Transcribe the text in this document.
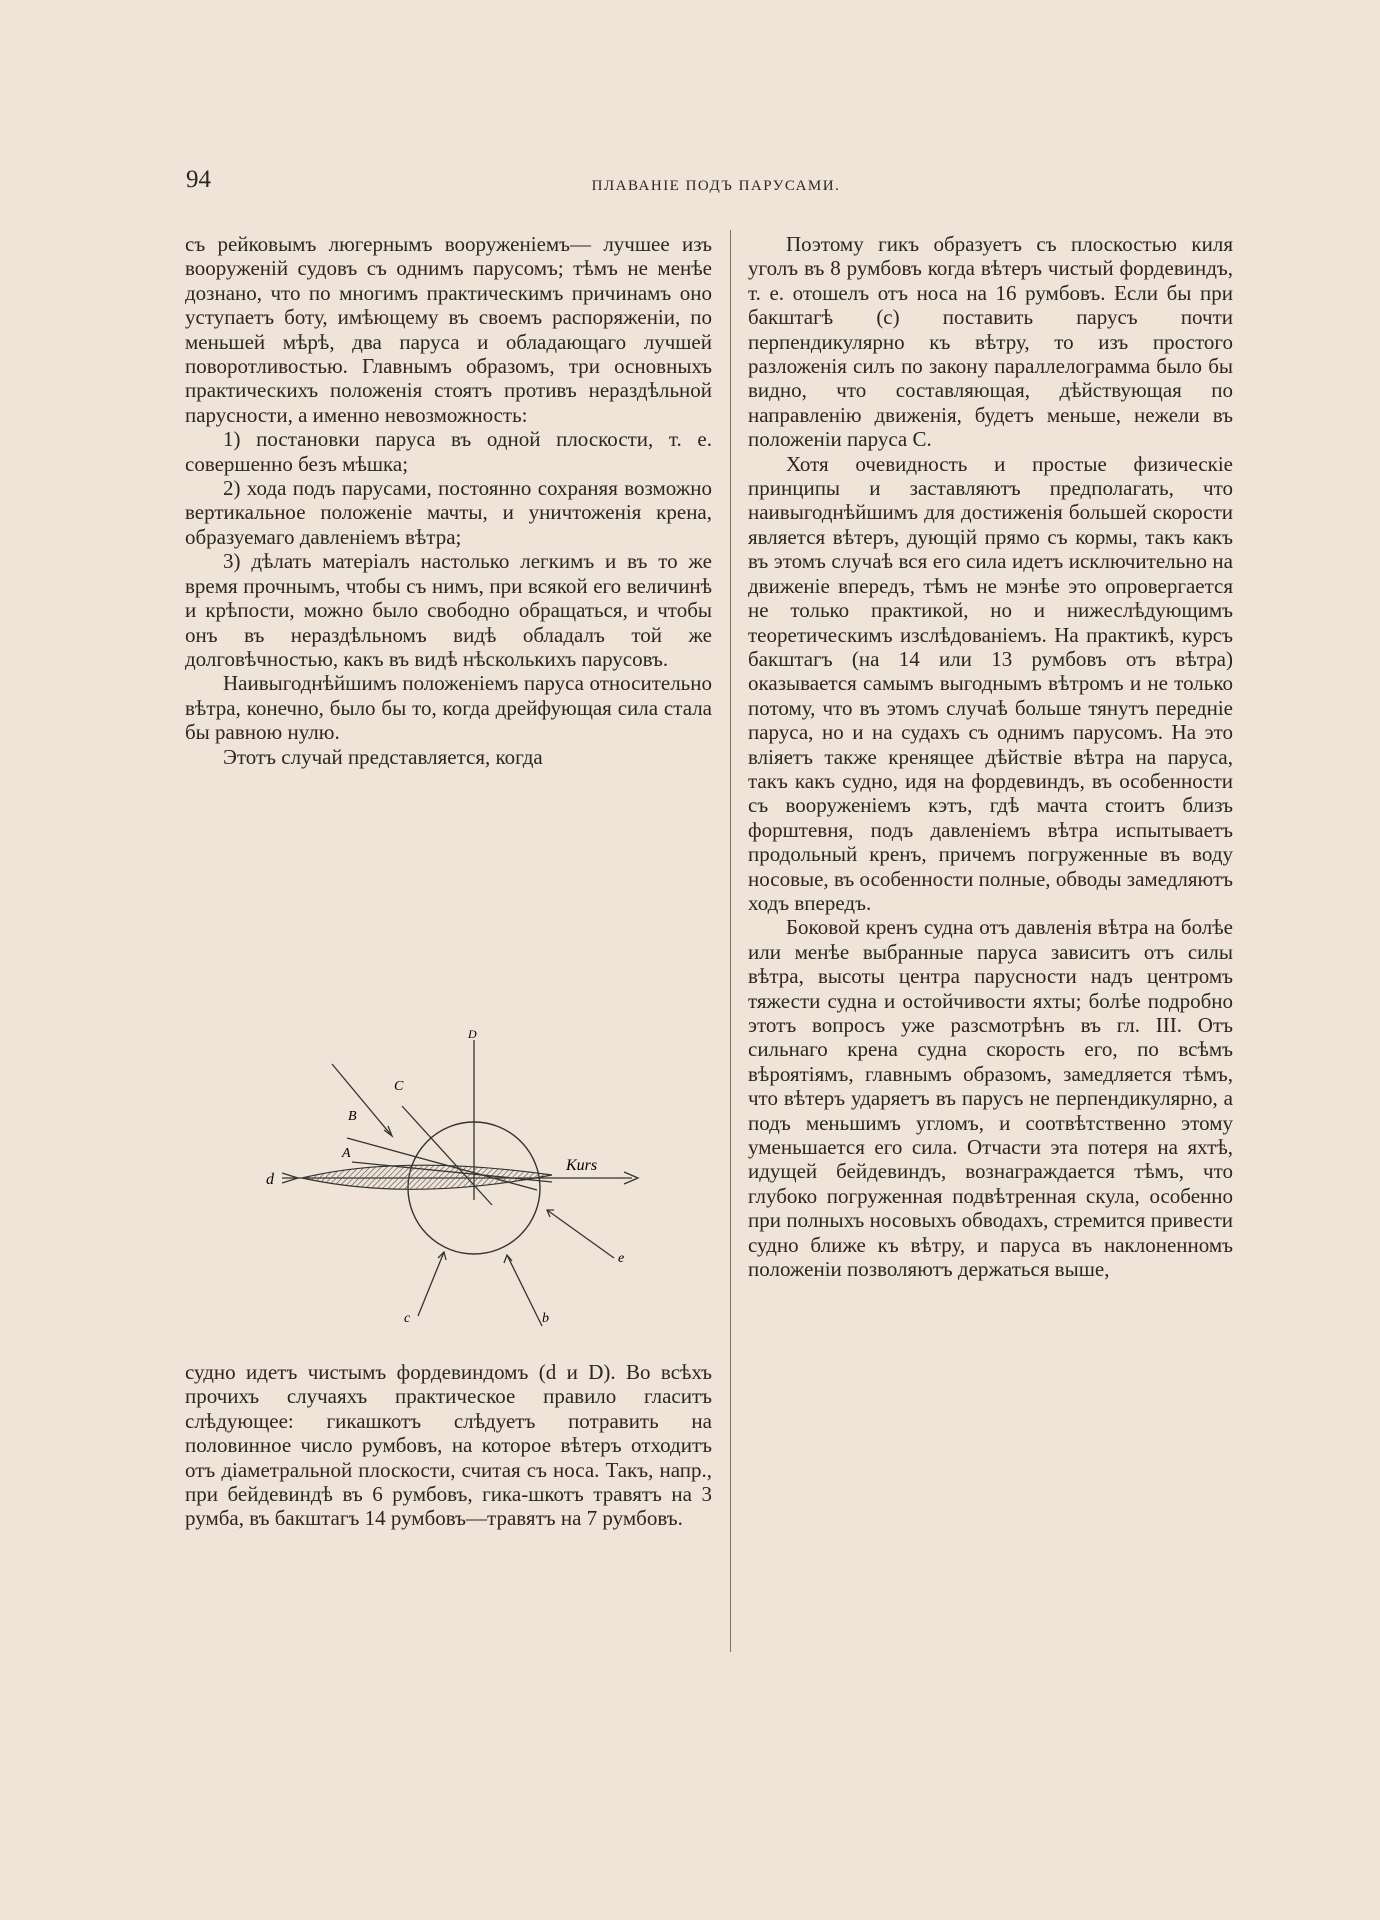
94	ПЛАВАНІЕ ПОДЪ ПАРУСАМИ.

съ рейковымъ люгернымъ вооруженіемъ— лучшее изъ вооруженій судовъ съ однимъ парусомъ; тѣмъ не менѣе дознано, что по многимъ практическимъ причинамъ оно уступаетъ боту, имѣющему въ своемъ распоряженіи, по меньшей мѣрѣ, два паруса и обладающаго лучшей поворотливостью. Главнымъ образомъ, три основныхъ практическихъ положенія стоятъ противъ нераздѣльной парусности, а именно невозможность:

1) постановки паруса въ одной плоскости, т. е. совершенно безъ мѣшка;

2) хода подъ парусами, постоянно сохраняя возможно вертикальное положеніе мачты, и уничтоженія крена, образуемаго давленіемъ вѣтра;

3) дѣлать матеріалъ настолько легкимъ и въ то же время прочнымъ, чтобы съ нимъ, при всякой его величинѣ и крѣпости, можно было свободно обращаться, и чтобы онъ въ нераздѣльномъ видѣ обладалъ той же долговѣчностью, какъ въ видѣ нѣсколькихъ парусовъ.

Наивыгоднѣйшимъ положеніемъ паруса относительно вѣтра, конечно, было бы то, когда дрейфующая сила стала бы равною нулю.

Этотъ случай представляется, когда

Kurs
A
B
C
d
e
c	b
D

судно идетъ чистымъ фордевиндомъ (d и D). Во всѣхъ прочихъ случаяхъ практическое правило гласитъ слѣдующее: гикашкотъ слѣдуетъ потравить на половинное число румбовъ, на которое вѣтеръ отходитъ отъ діаметральной плоскости, считая съ носа. Такъ, напр., при бейдевиндѣ въ 6 румбовъ, гика-шкотъ травятъ на 3 румба, въ бакштагъ 14 румбовъ—травятъ на 7 румбовъ.

Поэтому гикъ образуетъ съ плоскостью киля уголъ въ 8 румбовъ когда вѣтеръ чистый фордевиндъ, т. е. отошелъ отъ носа на 16 румбовъ. Если бы при бакштагѣ (с) поставить парусъ почти перпендикулярно къ вѣтру, то изъ простого разложенія силъ по закону параллелограмма было бы видно, что составляющая, дѣйствующая по направленію движенія, будетъ меньше, нежели въ положеніи паруса С.

Хотя очевидность и простые физическіе принципы и заставляютъ предполагать, что наивыгоднѣйшимъ для достиженія большей скорости является вѣтеръ, дующій прямо съ кормы, такъ какъ въ этомъ случаѣ вся его сила идетъ исключительно на движеніе впередъ, тѣмъ не мэнѣе это опровергается не только практикой, но и нижеслѣдующимъ теоретическимъ изслѣдованіемъ. На практикѣ, курсъ бакштагъ (на 14 или 13 румбовъ отъ вѣтра) оказывается самымъ выгоднымъ вѣтромъ и не только потому, что въ этомъ случаѣ больше тянутъ передніе паруса, но и на судахъ съ однимъ парусомъ. На это вліяетъ также кренящее дѣйствіе вѣтра на паруса, такъ какъ судно, идя на фордевиндъ, въ особенности съ вооруженіемъ кэтъ, гдѣ мачта стоитъ близъ форштевня, подъ давленіемъ вѣтра испытываетъ продольный кренъ, причемъ погруженные въ воду носовые, въ особенности полные, обводы замедляютъ ходъ впередъ.

Боковой кренъ судна отъ давленія вѣтра на болѣе или менѣе выбранные паруса зависитъ отъ силы вѣтра, высоты центра парусности надъ центромъ тяжести судна и остойчивости яхты; болѣе подробно этотъ вопросъ уже разсмотрѣнъ въ гл. III. Отъ сильнаго крена судна скорость его, по всѣмъ вѣроятіямъ, главнымъ образомъ, замедляется тѣмъ, что вѣтеръ ударяетъ въ парусъ не перпендикулярно, а подъ меньшимъ угломъ, и соотвѣтственно этому уменьшается его сила. Отчасти эта потеря на яхтѣ, идущей бейдевиндъ, вознаграждается тѣмъ, что глубоко погруженная подвѣтренная скула, особенно при полныхъ носовыхъ обводахъ, стремится привести судно ближе къ вѣтру, и паруса въ наклоненномъ положеніи позволяютъ держаться выше,
